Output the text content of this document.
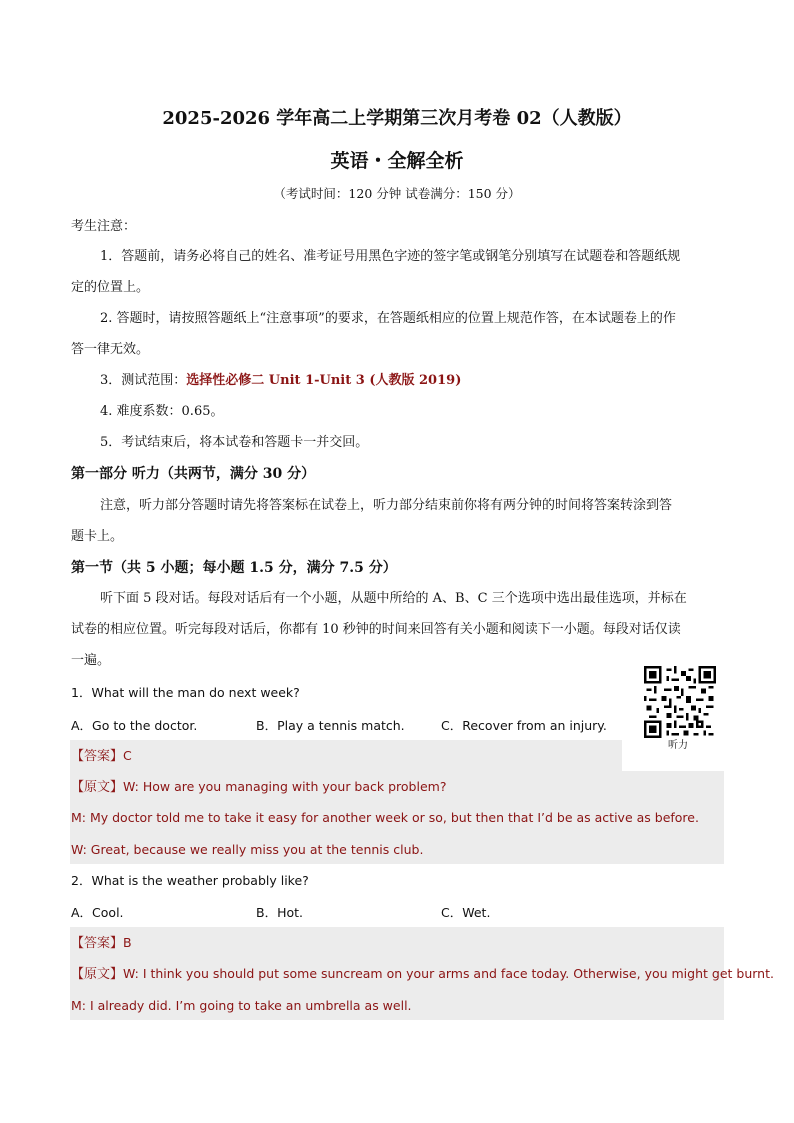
2025-2026 学年高二上学期第三次月考卷 02（人教版）
英语・全解全析
（考试时间：120 分钟 试卷满分：150 分）
考生注意：
1．答题前，请务必将自己的姓名、准考证号用黑色字迹的签字笔或钢笔分别填写在试题卷和答题纸规
定的位置上。
2. 答题时，请按照答题纸上“注意事项”的要求，在答题纸相应的位置上规范作答，在本试题卷上的作
答一律无效。
3．测试范围：选择性必修二 Unit 1-Unit 3 (人教版 2019)
4. 难度系数：0.65。
5．考试结束后，将本试卷和答题卡一并交回。
第一部分 听力（共两节，满分 30 分）
注意，听力部分答题时请先将答案标在试卷上，听力部分结束前你将有两分钟的时间将答案转涂到答
题卡上。
第一节（共 5 小题；每小题 1.5 分，满分 7.5 分）
听下面 5 段对话。每段对话后有一个小题，从题中所给的 A、B、C 三个选项中选出最佳选项，并标在
试卷的相应位置。听完每段对话后，你都有 10 秒钟的时间来回答有关小题和阅读下一小题。每段对话仅读
一遍。
听力
1．What will the man do next week?
A．Go to the doctor.	B．Play a tennis match.	C．Recover from an injury.
【答案】C
【原文】W: How are you managing with your back problem?
M: My doctor told me to take it easy for another week or so, but then that I’d be as active as before.
W: Great, because we really miss you at the tennis club.
2．What is the weather probably like?
A．Cool.	B．Hot.	C．Wet.
【答案】B
【原文】W: I think you should put some suncream on your arms and face today. Otherwise, you might get burnt.
M: I already did. I’m going to take an umbrella as well.
